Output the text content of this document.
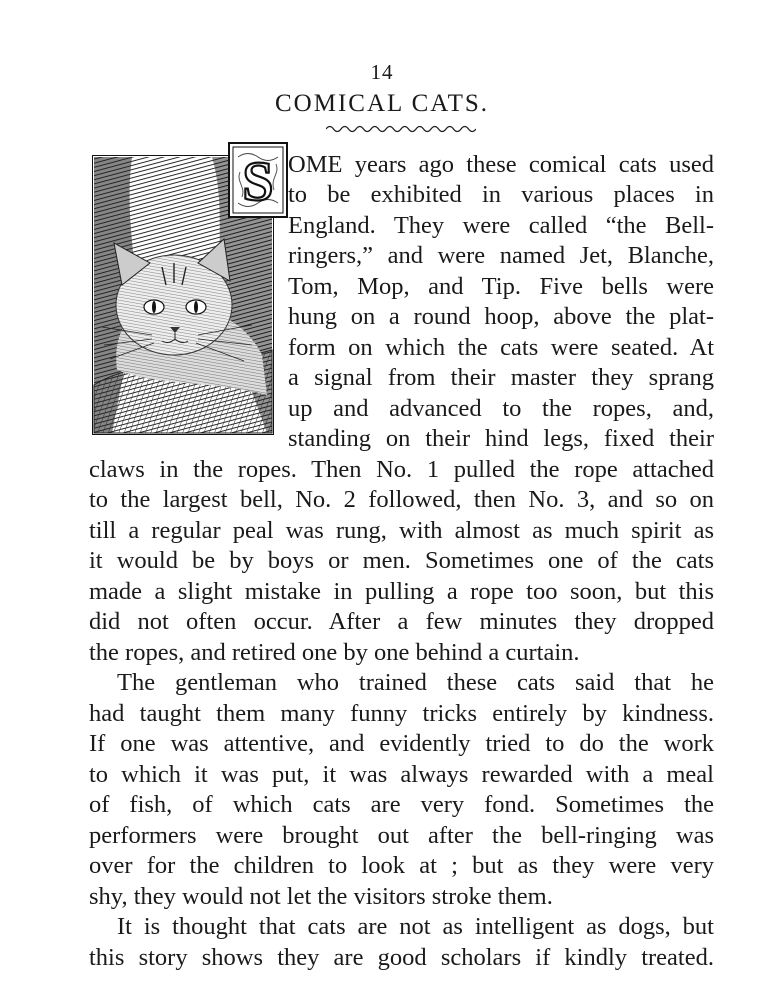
14
COMICAL CATS.
S OME years ago these comical cats used
to be exhibited in various places in
England. They were called “the Bell-
ringers,” and were named Jet, Blanche,
Tom, Mop, and Tip. Five bells were
hung on a round hoop, above the plat-
form on which the cats were seated. At
a signal from their master they sprang
up and advanced to the ropes, and,
standing on their hind legs, fixed their
claws in the ropes. Then No. 1 pulled the rope attached
to the largest bell, No. 2 followed, then No. 3, and so on
till a regular peal was rung, with almost as much spirit as
it would be by boys or men. Sometimes one of the cats
made a slight mistake in pulling a rope too soon, but this
did not often occur. After a few minutes they dropped
the ropes, and retired one by one behind a curtain.
The gentleman who trained these cats said that he
had taught them many funny tricks entirely by kindness.
If one was attentive, and evidently tried to do the work
to which it was put, it was always rewarded with a meal
of fish, of which cats are very fond. Sometimes the
performers were brought out after the bell-ringing was
over for the children to look at ; but as they were very
shy, they would not let the visitors stroke them.
It is thought that cats are not as intelligent as dogs, but
this story shows they are good scholars if kindly treated.
